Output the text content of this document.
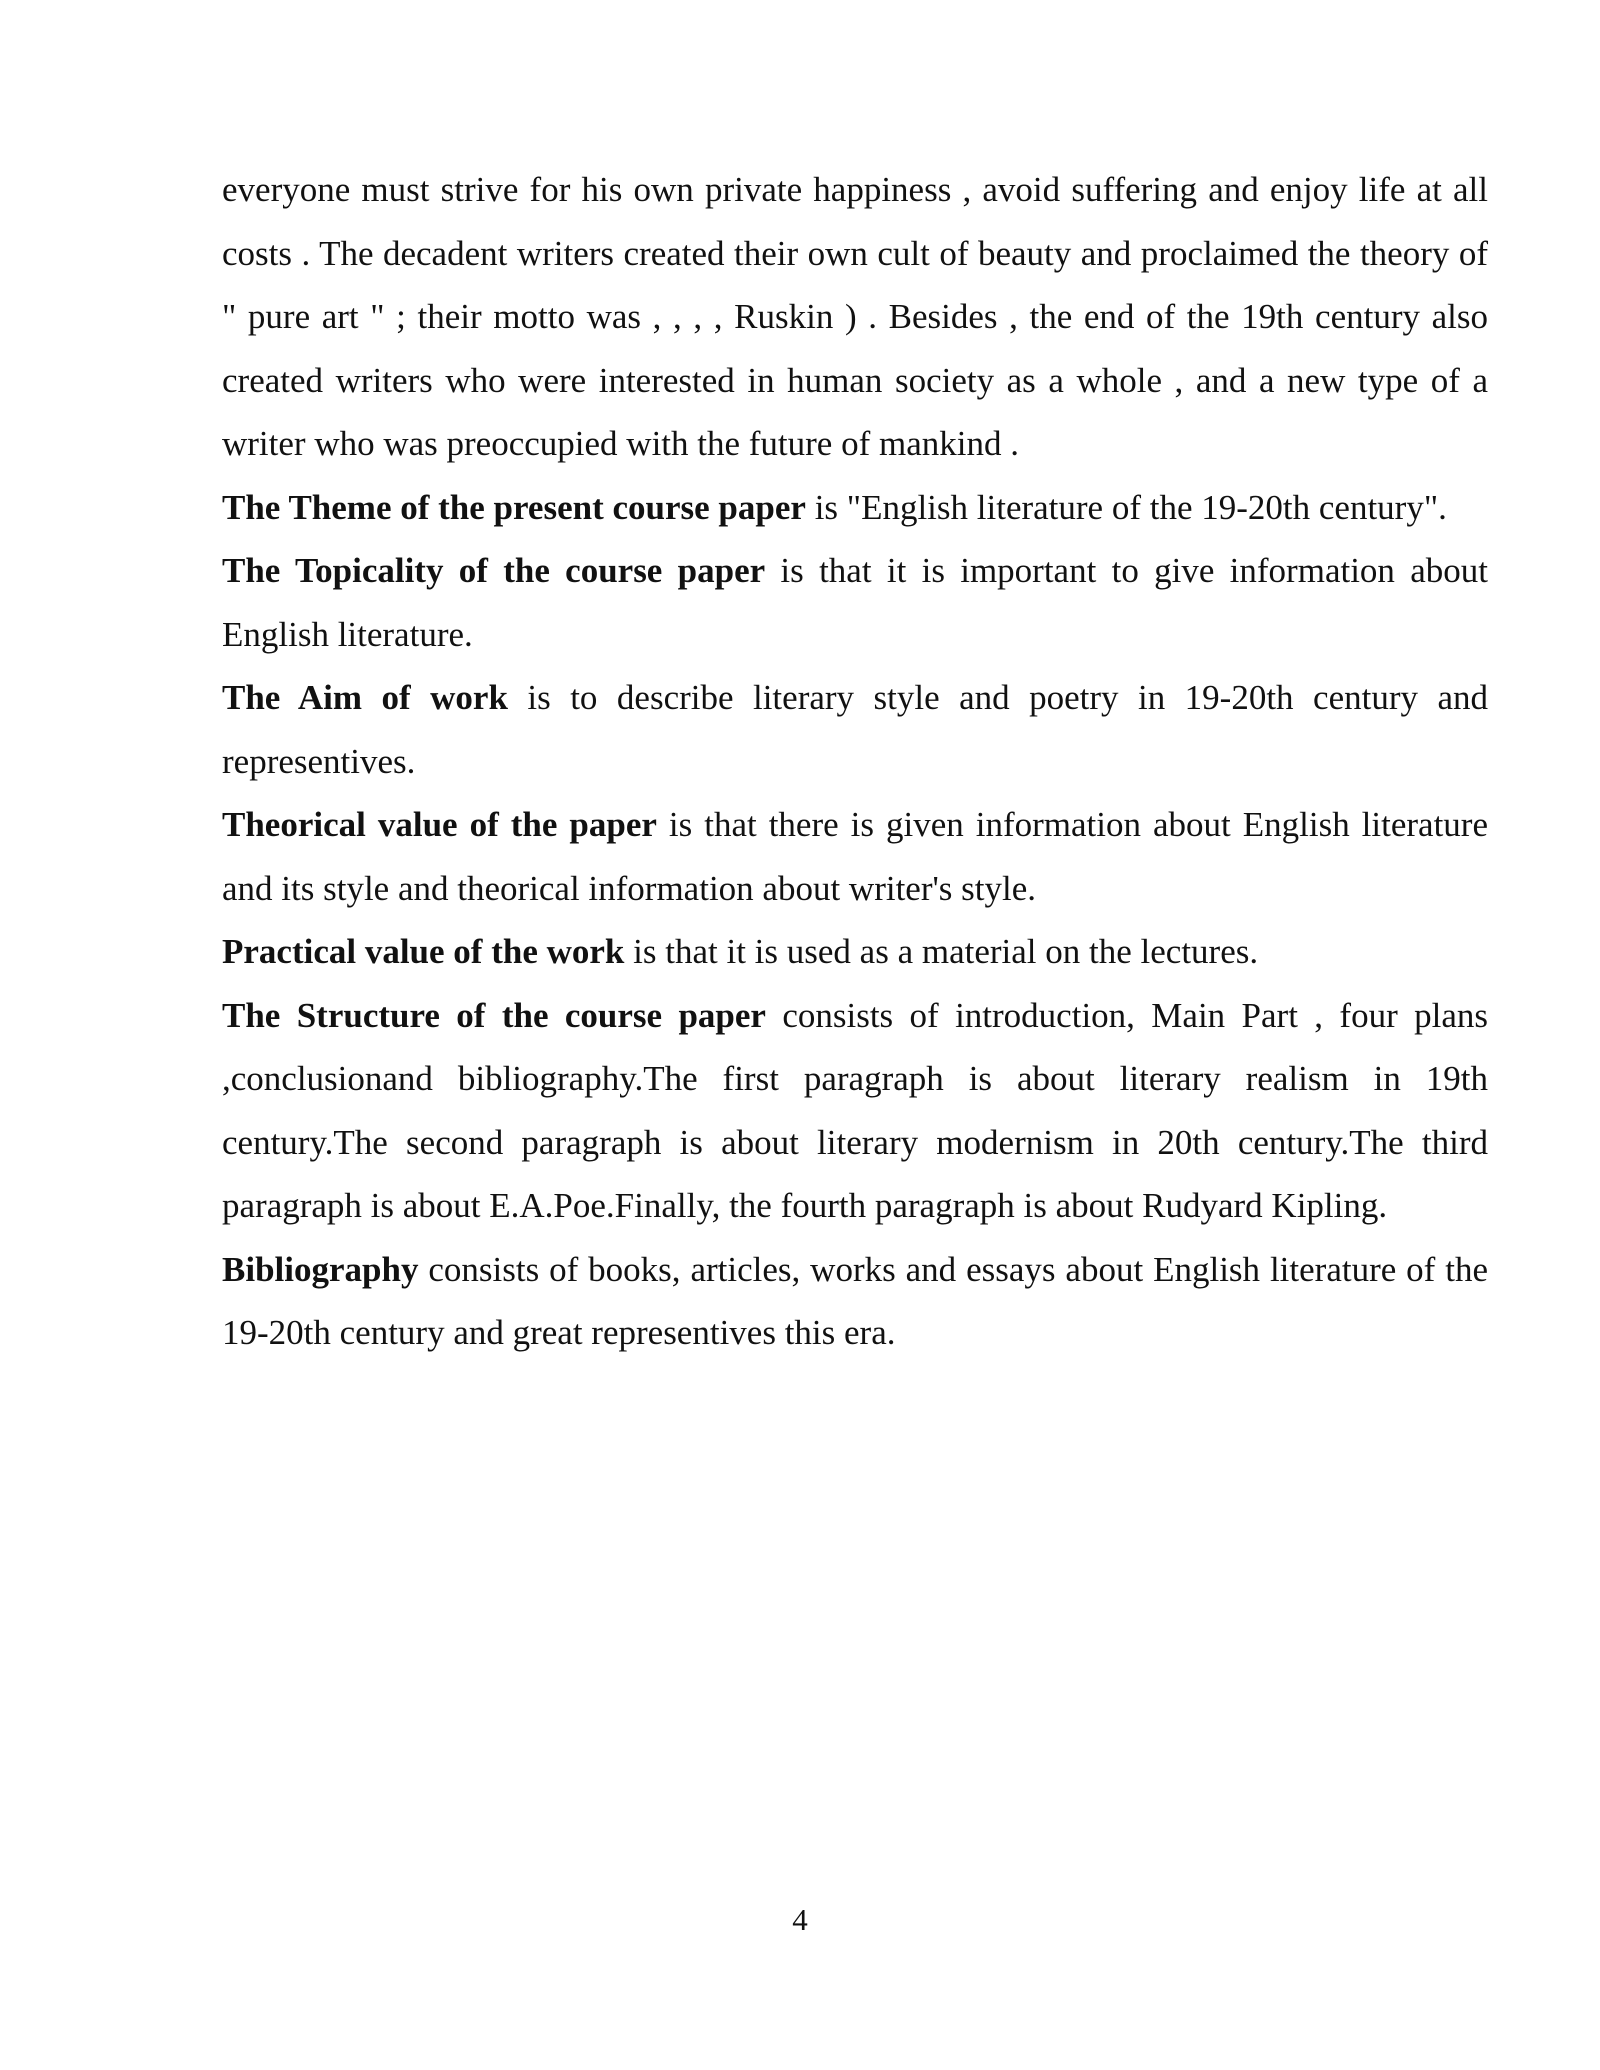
everyone must strive for his own private happiness , avoid suffering and enjoy life at all costs . The decadent writers created their own cult of beauty and proclaimed the theory of " pure art " ; their motto was , , , , Ruskin ) . Besides , the end of the 19th century also created writers who were interested in human society as a whole , and a new type of a writer who was preoccupied with the future of mankind .

The Theme of the present course paper is "English literature of the 19-20th century".

The Topicality of the course paper is that it is important to give information about English literature.

The Aim of work is to describe literary style and poetry in 19-20th century and representives.

Theorical value of the paper is that there is given information about English literature and its style and theorical information about writer's style.

Practical value of the work is that it is used as a material on the lectures.

The Structure of the course paper consists of introduction, Main Part , four plans ,conclusionand bibliography.The first paragraph is about literary realism in 19th century.The second paragraph is about literary modernism in 20th century.The third paragraph is about E.A.Poe.Finally, the fourth paragraph is about Rudyard Kipling.

Bibliography consists of books, articles, works and essays about English literature of the 19-20th century and great representives this era.

4
